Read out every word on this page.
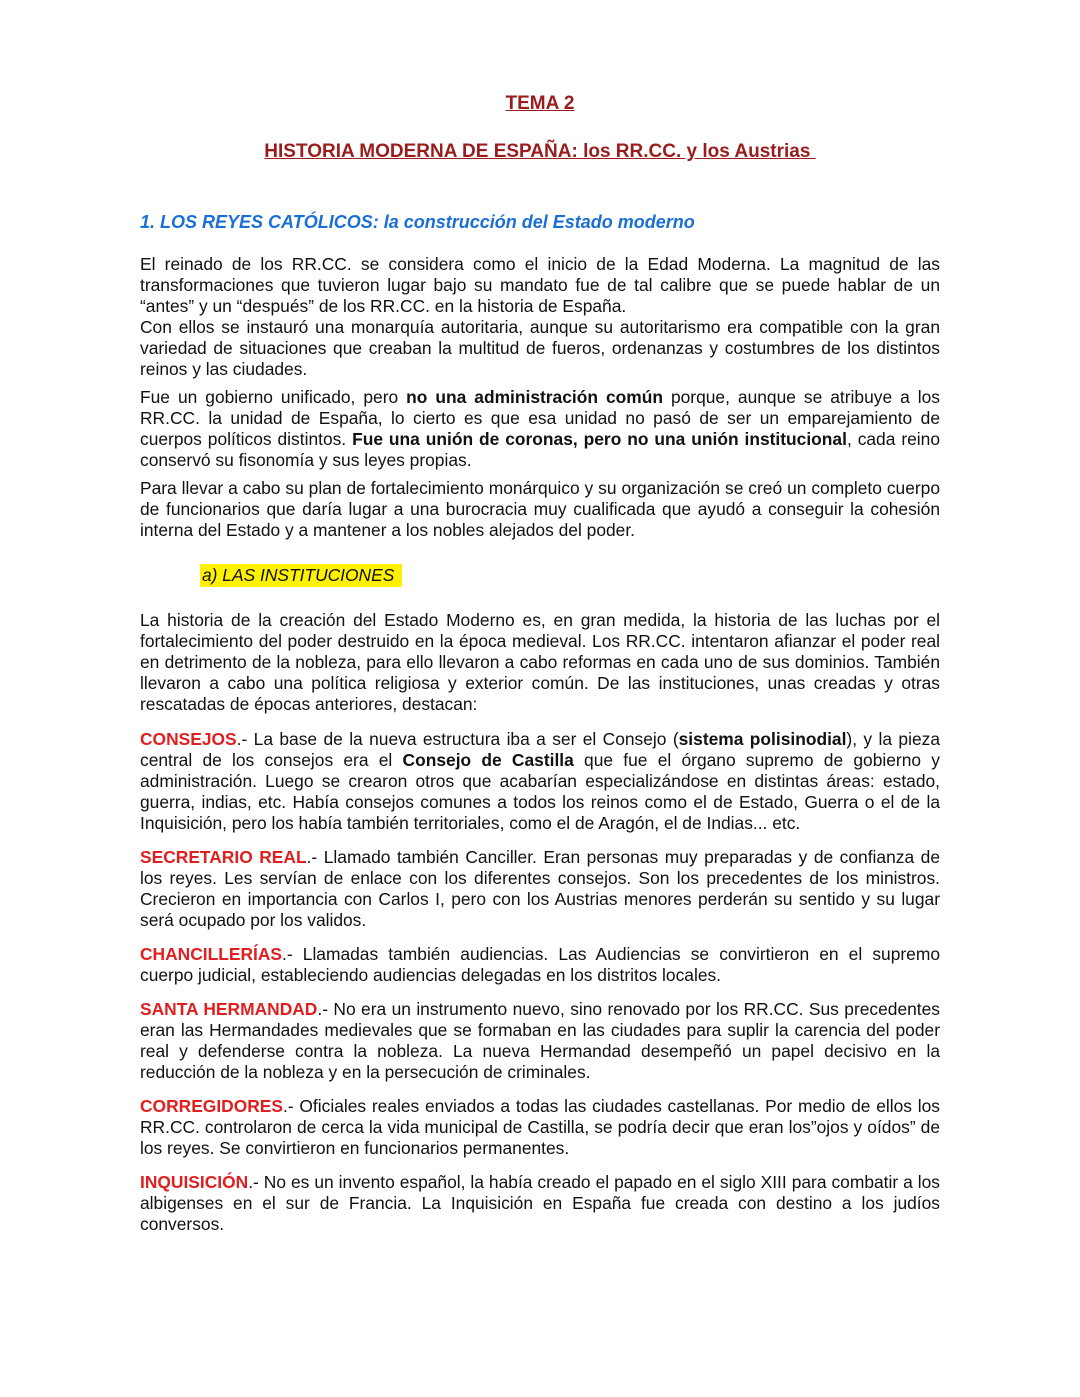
TEMA 2
HISTORIA MODERNA DE ESPAÑA: los RR.CC. y los Austrias
1. LOS REYES CATÓLICOS: la construcción del Estado moderno

El reinado de los RR.CC. se considera como el inicio de la Edad Moderna. La magnitud de las transformaciones que tuvieron lugar bajo su mandato fue de tal calibre que se puede hablar de un “antes” y un “después” de los RR.CC. en la historia de España.

Con ellos se instauró una monarquía autoritaria, aunque su autoritarismo era compatible con la gran variedad de situaciones que creaban la multitud de fueros, ordenanzas y costumbres de los distintos reinos y las ciudades.

Fue un gobierno unificado, pero no una administración común porque, aunque se atribuye a los RR.CC. la unidad de España, lo cierto es que esa unidad no pasó de ser un emparejamiento de cuerpos políticos distintos. Fue una unión de coronas, pero no una unión institucional, cada reino conservó su fisonomía y sus leyes propias.

Para llevar a cabo su plan de fortalecimiento monárquico y su organización se creó un completo cuerpo de funcionarios que daría lugar a una burocracia muy cualificada que ayudó a conseguir la cohesión interna del Estado y a mantener a los nobles alejados del poder.

a) LAS INSTITUCIONES

La historia de la creación del Estado Moderno es, en gran medida, la historia de las luchas por el fortalecimiento del poder destruido en la época medieval. Los RR.CC. intentaron afianzar el poder real en detrimento de la nobleza, para ello llevaron a cabo reformas en cada uno de sus dominios. También llevaron a cabo una política religiosa y exterior común. De las instituciones, unas creadas y otras rescatadas de épocas anteriores, destacan:

CONSEJOS.- La base de la nueva estructura iba a ser el Consejo (sistema polisinodial), y la pieza central de los consejos era el Consejo de Castilla que fue el órgano supremo de gobierno y administración. Luego se crearon otros que acabarían especializándose en distintas áreas: estado, guerra, indias, etc. Había consejos comunes a todos los reinos como el de Estado, Guerra o el de la Inquisición, pero los había también territoriales, como el de Aragón, el de Indias... etc.

SECRETARIO REAL.- Llamado también Canciller. Eran personas muy preparadas y de confianza de los reyes. Les servían de enlace con los diferentes consejos. Son los precedentes de los ministros. Crecieron en importancia con Carlos I, pero con los Austrias menores perderán su sentido y su lugar será ocupado por los validos.

CHANCILLERÍAS.- Llamadas también audiencias. Las Audiencias se convirtieron en el supremo cuerpo judicial, estableciendo audiencias delegadas en los distritos locales.

SANTA HERMANDAD.- No era un instrumento nuevo, sino renovado por los RR.CC. Sus precedentes eran las Hermandades medievales que se formaban en las ciudades para suplir la carencia del poder real y defenderse contra la nobleza. La nueva Hermandad desempeñó un papel decisivo en la reducción de la nobleza y en la persecución de criminales.

CORREGIDORES.- Oficiales reales enviados a todas las ciudades castellanas. Por medio de ellos los RR.CC. controlaron de cerca la vida municipal de Castilla, se podría decir que eran los”ojos y oídos” de los reyes. Se convirtieron en funcionarios permanentes.

INQUISICIÓN.- No es un invento español, la había creado el papado en el siglo XIII para combatir a los albigenses en el sur de Francia. La Inquisición en España fue creada con destino a los judíos conversos.
